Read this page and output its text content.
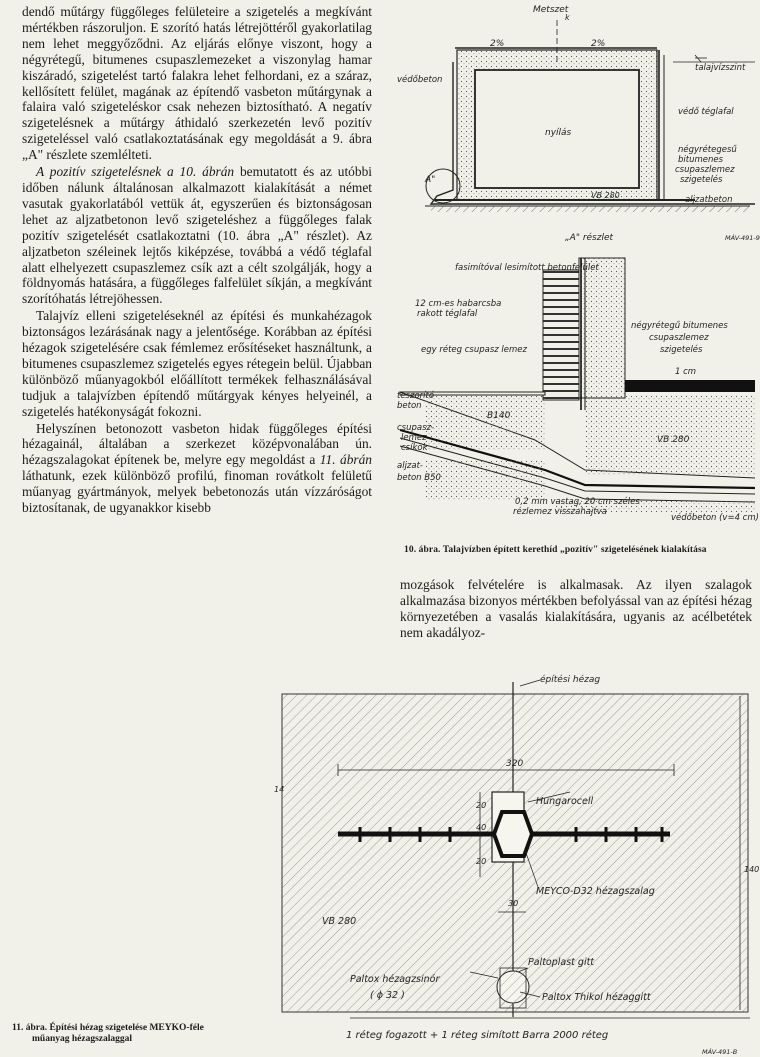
dendő műtárgy függőleges felületeire a szigetelés a megkívánt mértékben rászoruljon. E szorító hatás létrejöttéről gyakorlatilag nem lehet meggyőződni. Az eljárás előnye viszont, hogy a négyrétegű, bitumenes csupaszlemezeket a viszonylag hamar kiszáradó, szigetelést tartó falakra lehet felhordani, ez a száraz, kellősített felület, magának az építendő vasbeton műtárgynak a falaira való szigeteléskor csak nehezen biztosítható. A negatív szigetelésnek a műtárgy áthidaló szerkezetén levő pozitív szigeteléssel való csatlakoztatásának egy megoldását a 9. ábra „A" részlete szemlélteti.

A pozitív szigetelésnek a 10. ábrán bemutatott és az utóbbi időben nálunk általánosan alkalmazott kialakítását a német vasutak gyakorlatából vettük át, egyszerűen és biztonságosan lehet az aljzatbetonon levő szigeteléshez a függőleges falak pozitív szigetelését csatlakoztatni (10. ábra „A" részlet). Az aljzatbeton széleinek lejtős kiképzése, továbbá a védő téglafal alatt elhelyezett csupaszlemez csík azt a célt szolgálják, hogy a földnyomás hatására, a függőleges falfelület síkján, a megkívánt szorítóhatás létrejöhessen.

Talajvíz elleni szigeteléseknél az építési és munkahézagok biztonságos lezárásának nagy a jelentősége. Korábban az építési hézagok szigetelésére csak fémlemez erősítéseket használtunk, a bitumenes csupaszlemez szigetelés egyes rétegein belül. Újabban különböző műanyagokból előállított termékek felhasználásával tudjuk a talajvízben építendő műtárgyak kényes helyeinél, a szigetelés hatékonyságát fokozni.

Helyszínen betonozott vasbeton hidak függőleges építési hézagainál, általában a szerkezet középvonalában ún. hézagszalagokat építenek be, melyre egy megoldást a 11. ábrán láthatunk, ezek különböző profilú, finoman rovátkolt felületű műanyag gyártmányok, melyek bebetonozás után vízzáróságot biztosítanak, de ugyanakkor kisebb

Metszet
k
2%	2%
védőbeton
talajvízszint
védő téglafal
nyílás
négyrétegesű
bitumenes
csupaszlemez
szigetelés
A"
VB 280	aljzatbeton
„A" részlet
fasimítóval lesimított betonfelület
12 cm-es habarcsba
rakott téglafal
négyrétegű bitumenes
csupaszlemez
szigetelés
egy réteg csupasz lemez
1 cm
teszorító
beton
B140
csupasz-
lemez
csíkok
VB 280
aljzat-
beton B50
0,2 mm vastag, 20 cm széles
rézlemez visszahajtva
védőbeton (v=4 cm)
MÁV-491-9
10. ábra. Talajvízben épített kerethíd „pozitív" szigetelésének kialakítása

mozgások felvételére is alkalmasak. Az ilyen szalagok alkalmazása bizonyos mértékben befolyással van az építési hézag környezetében a vasalás kialakítására, ugyanis az acélbetétek nem akadályoz-

építési hézag
320
20
40
20
30
14
140
Hungarocell
MEYCO-D32 hézagszalag
VB 280
Paltoplast gitt
Paltox hézagzsinór
( ϕ 32 )	Paltox Thikol hézaggitt
1 réteg fogazott + 1 réteg simított Barra 2000 réteg
MÁV-491-B
11. ábra. Építési hézag szigetelése MEYKO-féle
műanyag hézagszalaggal
